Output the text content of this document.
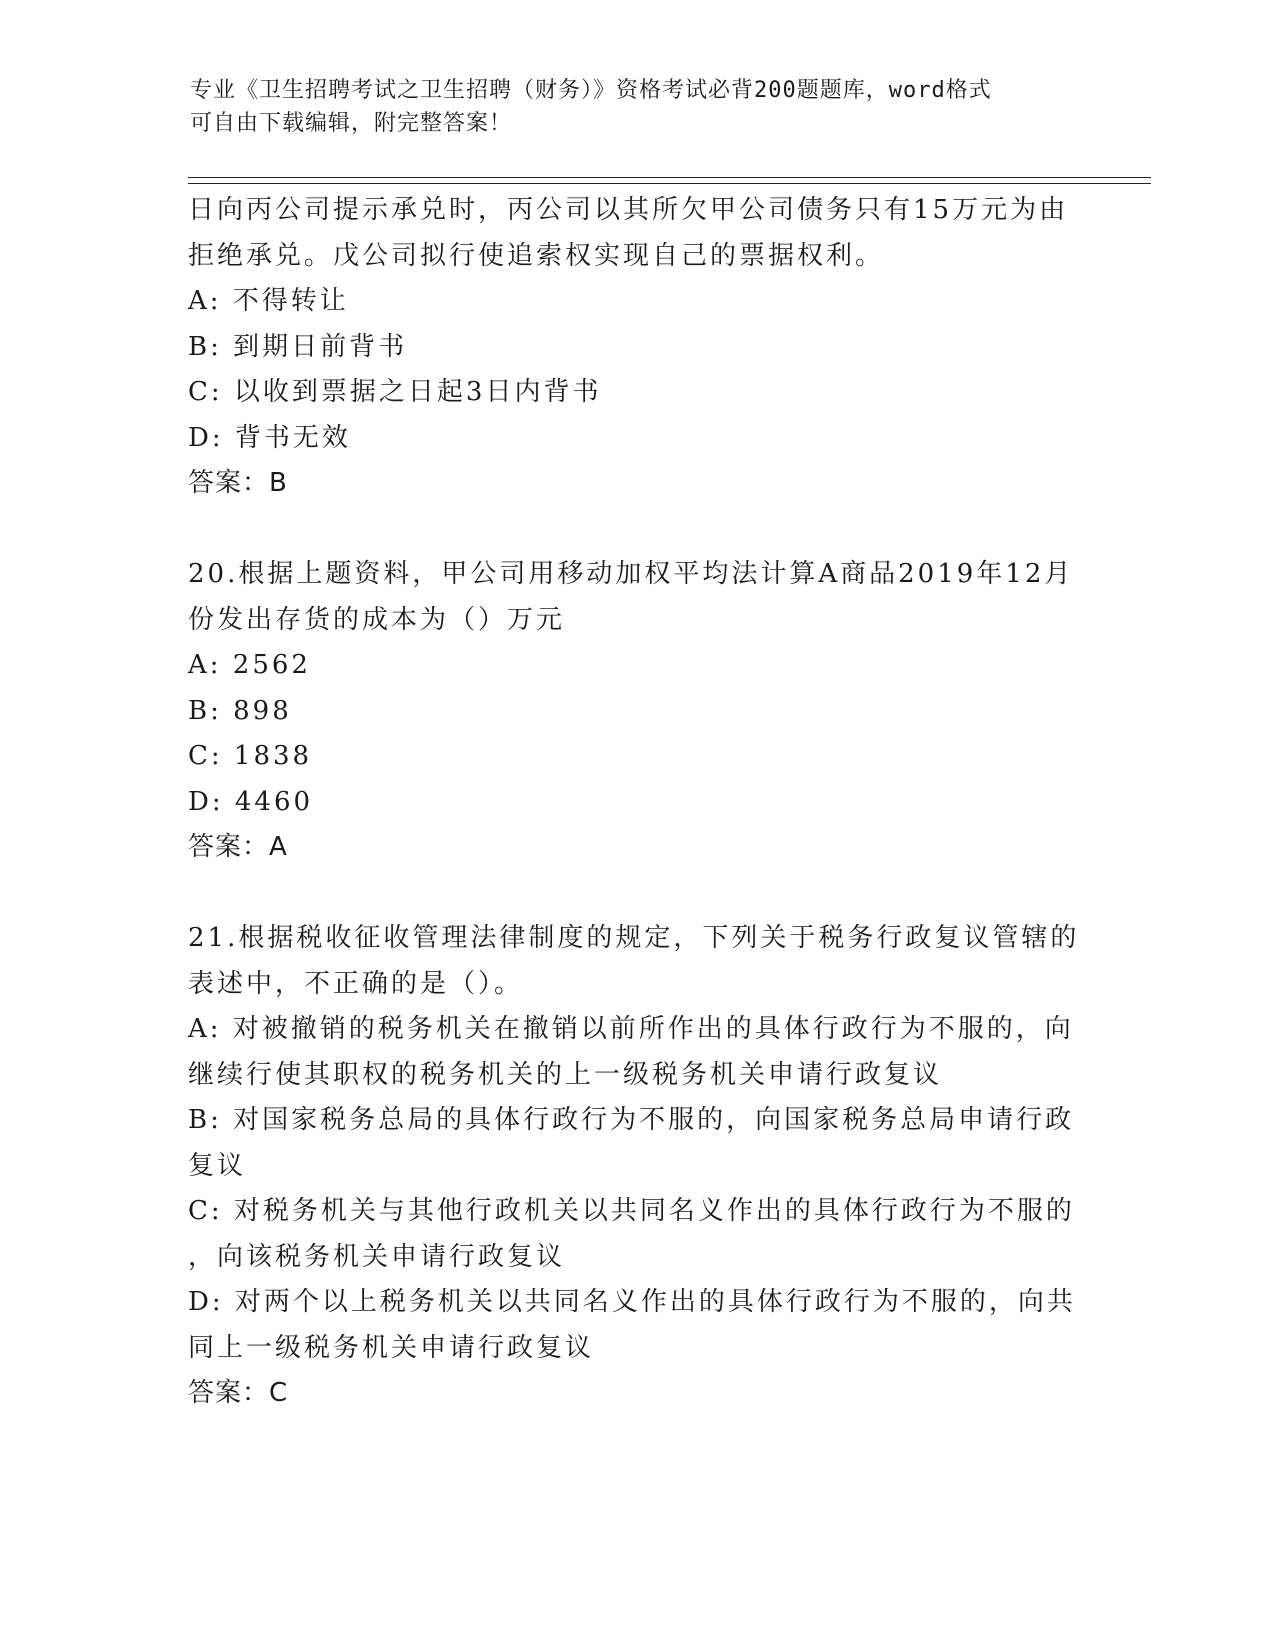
专业《卫生招聘考试之卫生招聘（财务）》资格考试必背200题题库，word格式

可自由下载编辑，附完整答案！

日向丙公司提示承兑时，丙公司以其所欠甲公司债务只有15万元为由

拒绝承兑。戊公司拟行使追索权实现自己的票据权利。

A: 不得转让

B: 到期日前背书

C: 以收到票据之日起3日内背书

D: 背书无效

答案：B

20.根据上题资料，甲公司用移动加权平均法计算A商品2019年12月

份发出存货的成本为（）万元

A: 2562

B: 898

C: 1838

D: 4460

答案：A

21.根据税收征收管理法律制度的规定，下列关于税务行政复议管辖的

表述中，不正确的是（）。

A: 对被撤销的税务机关在撤销以前所作出的具体行政行为不服的，向

继续行使其职权的税务机关的上一级税务机关申请行政复议

B: 对国家税务总局的具体行政行为不服的，向国家税务总局申请行政

复议

C: 对税务机关与其他行政机关以共同名义作出的具体行政行为不服的

，向该税务机关申请行政复议

D: 对两个以上税务机关以共同名义作出的具体行政行为不服的，向共

同上一级税务机关申请行政复议

答案：C
